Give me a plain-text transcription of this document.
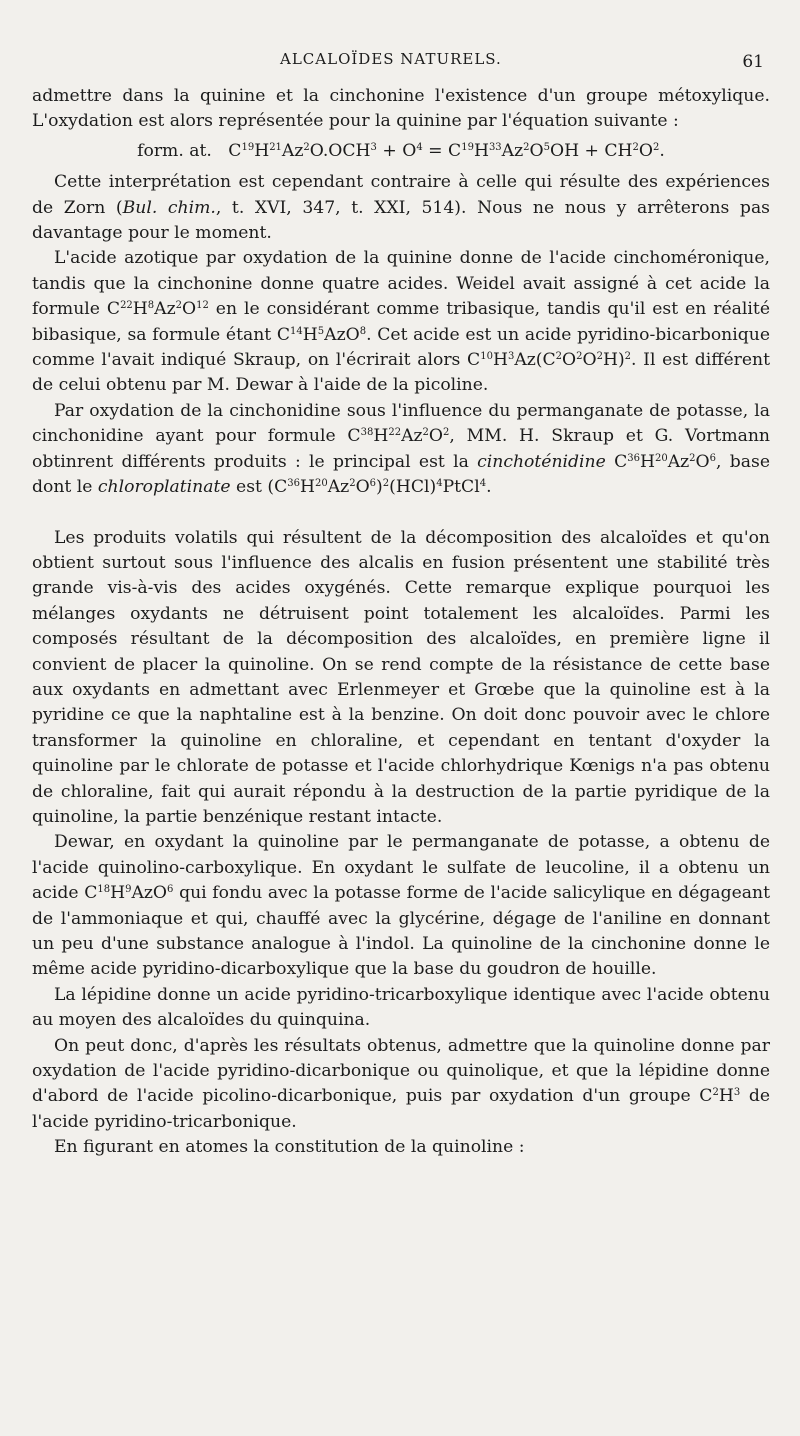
ALCALOÏDES NATURELS.	61

admettre dans la quinine et la cinchonine l'existence d'un groupe métoxylique. L'oxydation est alors représentée pour la quinine par l'équation suivante :

form. at. $C^{19}H^{21}Az^2O.OCH^3 + O^4 = C^{19}H^{33}Az^2O^5OH + CH^2O^2$.

Cette interprétation est cependant contraire à celle qui résulte des expériences de Zorn (Bul. chim., t. XVI, 347, t. XXI, 514). Nous ne nous y arrêterons pas davantage pour le moment.

L'acide azotique par oxydation de la quinine donne de l'acide cinchoméronique, tandis que la cinchonine donne quatre acides. Weidel avait assigné à cet acide la formule $C^{22}H^8Az^2O^{12}$ en le considérant comme tribasique, tandis qu'il est en réalité bibasique, sa formule étant $C^{14}H^5AzO^8$. Cet acide est un acide pyridino-bicarbonique comme l'avait indiqué Skraup, on l'écrirait alors $C^{10}H^3Az(C^2O^2O^2H)^2$. Il est différent de celui obtenu par M. Dewar à l'aide de la picoline.

Par oxydation de la cinchonidine sous l'influence du permanganate de potasse, la cinchonidine ayant pour formule $C^{38}H^{22}Az^2O^2$, MM. H. Skraup et G. Vortmann obtinrent différents produits : le principal est la cinchoténidine $C^{36}H^{20}Az^2O^6$, base dont le chloroplatinate est $(C^{36}H^{20}Az^2O^6)^2(HCl)^4PtCl^4$.

Les produits volatils qui résultent de la décomposition des alcaloïdes et qu'on obtient surtout sous l'influence des alcalis en fusion présentent une stabilité très grande vis-à-vis des acides oxygénés. Cette remarque explique pourquoi les mélanges oxydants ne détruisent point totalement les alcaloïdes. Parmi les composés résultant de la décomposition des alcaloïdes, en première ligne il convient de placer la quinoline. On se rend compte de la résistance de cette base aux oxydants en admettant avec Erlenmeyer et Grœbe que la quinoline est à la pyridine ce que la naphtaline est à la benzine. On doit donc pouvoir avec le chlore transformer la quinoline en chloraline, et cependant en tentant d'oxyder la quinoline par le chlorate de potasse et l'acide chlorhydrique Kœnigs n'a pas obtenu de chloraline, fait qui aurait répondu à la destruction de la partie pyridique de la quinoline, la partie benzénique restant intacte.

Dewar, en oxydant la quinoline par le permanganate de potasse, a obtenu de l'acide quinolino-carboxylique. En oxydant le sulfate de leucoline, il a obtenu un acide $C^{18}H^9AzO^6$ qui fondu avec la potasse forme de l'acide salicylique en dégageant de l'ammoniaque et qui, chauffé avec la glycérine, dégage de l'aniline en donnant un peu d'une substance analogue à l'indol. La quinoline de la cinchonine donne le même acide pyridino-dicarboxylique que la base du goudron de houille.

La lépidine donne un acide pyridino-tricarboxylique identique avec l'acide obtenu au moyen des alcaloïdes du quinquina.

On peut donc, d'après les résultats obtenus, admettre que la quinoline donne par oxydation de l'acide pyridino-dicarbonique ou quinolique, et que la lépidine donne d'abord de l'acide picolino-dicarbonique, puis par oxydation d'un groupe $C^2H^3$ de l'acide pyridino-tricarbonique.

En figurant en atomes la constitution de la quinoline :
